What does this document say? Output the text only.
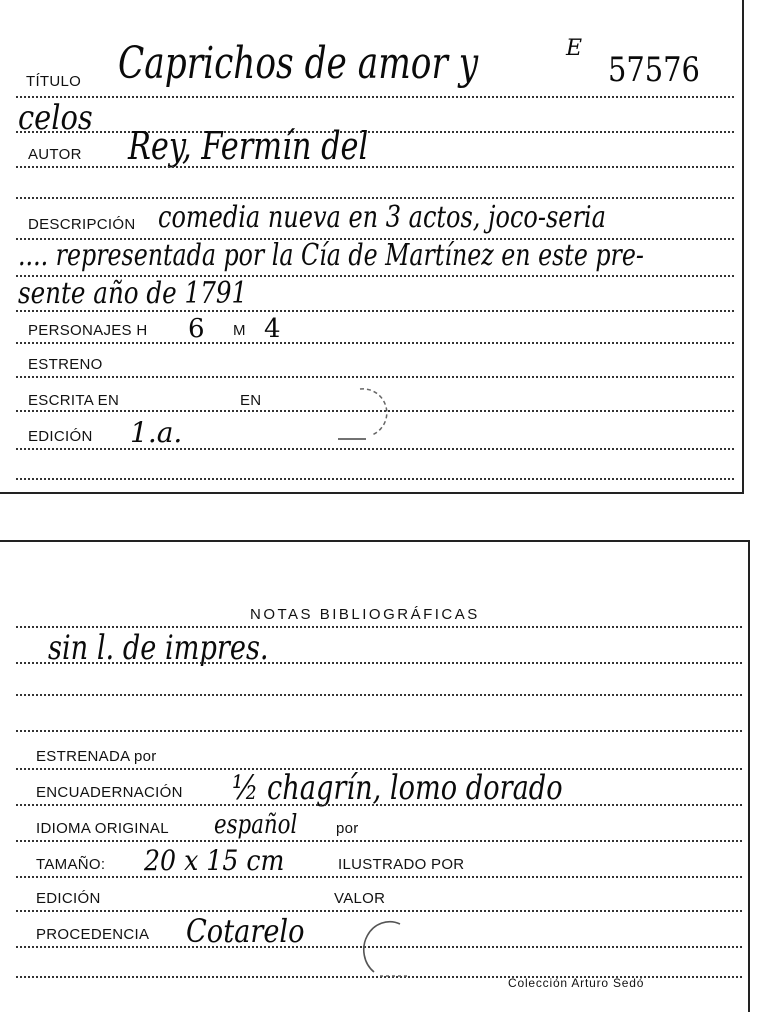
TÍTULO Caprichos de amor y	E
57576
celos
AUTOR Rey, Fermín del
DESCRIPCIÓN comedia nueva en 3 actos, joco-seria
.... representada por la Cía de Martínez en este pre-
sente año de 1791
PERSONAJES H 6 M 4
ESTRENO
ESCRITA EN	EN
EDICIÓN 1.a.
NOTAS BIBLIOGRÁFICAS
sin l. de impres.
ESTRENADA por
ENCUADERNACIÓN ½ chagrín, lomo dorado
IDIOMA ORIGINAL español	por
TAMAÑO: 20 x 15 cm	ILUSTRADO POR
EDICIÓN	VALOR
PROCEDENCIA Cotarelo
Colección Arturo Sedó
